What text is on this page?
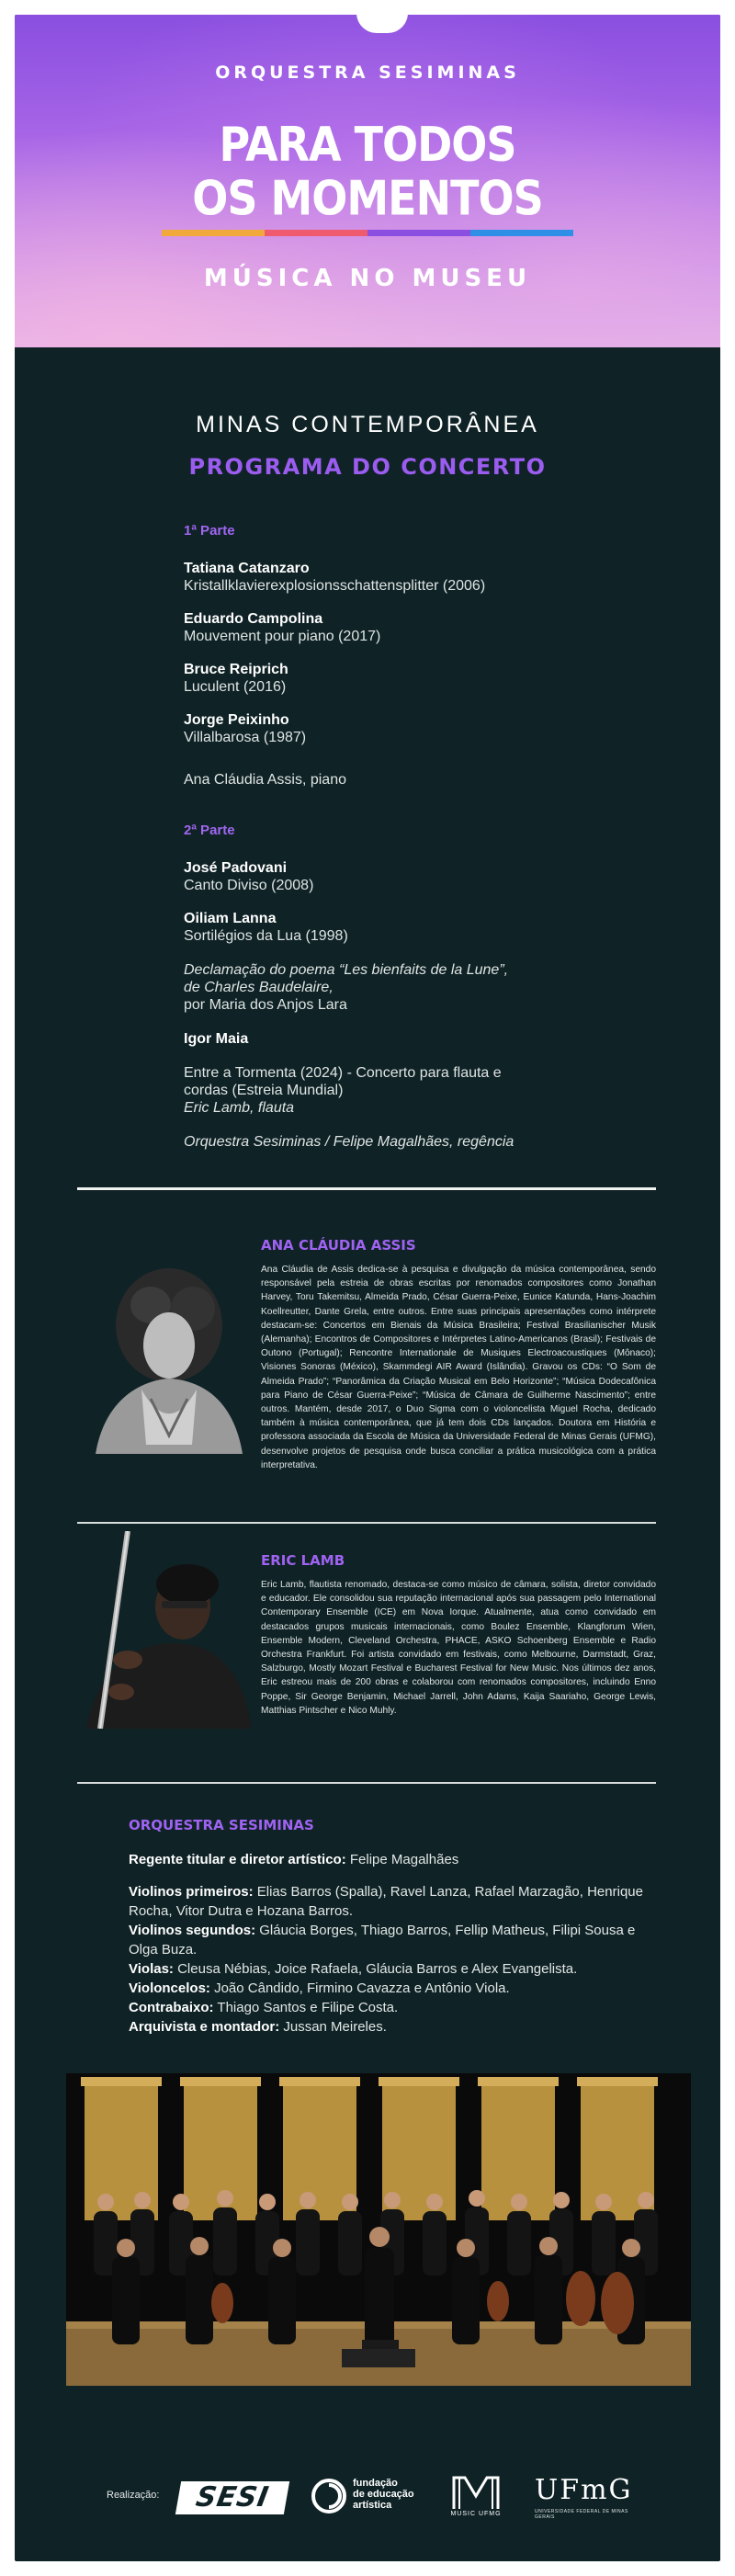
ORQUESTRA SESIMINAS
PARA TODOS
OS MOMENTOS
MÚSICA NO MUSEU
MINAS CONTEMPORÂNEA
PROGRAMA DO CONCERTO
1ª Parte
Tatiana Catanzaro
Kristallklavierexplosionsschattensplitter (2006)
Eduardo Campolina
Mouvement pour piano (2017)
Bruce Reiprich
Luculent (2016)
Jorge Peixinho
Villalbarosa (1987)
Ana Cláudia Assis, piano
2ª Parte
José Padovani
Canto Diviso (2008)
Oiliam Lanna
Sortilégios da Lua (1998)
Declamação do poema “Les bienfaits de la Lune”,
de Charles Baudelaire,
por Maria dos Anjos Lara
Igor Maia
Entre a Tormenta (2024) - Concerto para flauta e
cordas (Estreia Mundial)
Eric Lamb, flauta
Orquestra Sesiminas / Felipe Magalhães, regência
ANA CLÁUDIA ASSIS
Ana Cláudia de Assis dedica-se à pesquisa e divulgação da música contemporânea, sendo responsável pela estreia de obras escritas por renomados compositores como Jonathan Harvey, Toru Takemitsu, Almeida Prado, César Guerra-Peixe, Eunice Katunda, Hans-Joachim Koellreutter, Dante Grela, entre outros. Entre suas principais apresentações como intérprete destacam-se: Concertos em Bienais da Música Brasileira; Festival Brasilianischer Musik (Alemanha); Encontros de Compositores e Intérpretes Latino-Americanos (Brasil); Festivais de Outono (Portugal); Rencontre Internationale de Musiques Electroacoustiques (Mônaco); Visiones Sonoras (México), Skammdegi AIR Award (Islândia). Gravou os CDs: “O Som de Almeida Prado”; “Panorâmica da Criação Musical em Belo Horizonte”; “Música Dodecafônica para Piano de César Guerra-Peixe”; “Música de Câmara de Guilherme Nascimento”; entre outros. Mantém, desde 2017, o Duo Sigma com o violoncelista Miguel Rocha, dedicado também à música contemporânea, que já tem dois CDs lançados. Doutora em História e professora associada da Escola de Música da Universidade Federal de Minas Gerais (UFMG), desenvolve projetos de pesquisa onde busca conciliar a prática musicológica com a prática interpretativa.
ERIC LAMB
Eric Lamb, flautista renomado, destaca-se como músico de câmara, solista, diretor convidado e educador. Ele consolidou sua reputação internacional após sua passagem pelo International Contemporary Ensemble (ICE) em Nova Iorque. Atualmente, atua como convidado em destacados grupos musicais internacionais, como Boulez Ensemble, Klangforum Wien, Ensemble Modern, Cleveland Orchestra, PHACE, ASKO Schoenberg Ensemble e Radio Orchestra Frankfurt. Foi artista convidado em festivais, como Melbourne, Darmstadt, Graz, Salzburgo, Mostly Mozart Festival e Bucharest Festival for New Music. Nos últimos dez anos, Eric estreou mais de 200 obras e colaborou com renomados compositores, incluindo Enno Poppe, Sir George Benjamin, Michael Jarrell, John Adams, Kaija Saariaho, George Lewis, Matthias Pintscher e Nico Muhly.
ORQUESTRA SESIMINAS
Regente titular e diretor artístico: Felipe Magalhães
Violinos primeiros: Elias Barros (Spalla), Ravel Lanza, Rafael Marzagão, Henrique Rocha, Vitor Dutra e Hozana Barros.
Violinos segundos: Gláucia Borges, Thiago Barros, Fellip Matheus, Filipi Sousa e Olga Buza.
Violas: Cleusa Nébias, Joice Rafaela, Gláucia Barros e Alex Evangelista.
Violoncelos: João Cândido, Firmino Cavazza e Antônio Viola.
Contrabaixo: Thiago Santos e Filipe Costa.
Arquivista e montador: Jussan Meireles.
Realização:	SESI	fundação
de educação
artística
MUSIC UFMG
UFmG
UNIVERSIDADE FEDERAL DE MINAS GERAIS
